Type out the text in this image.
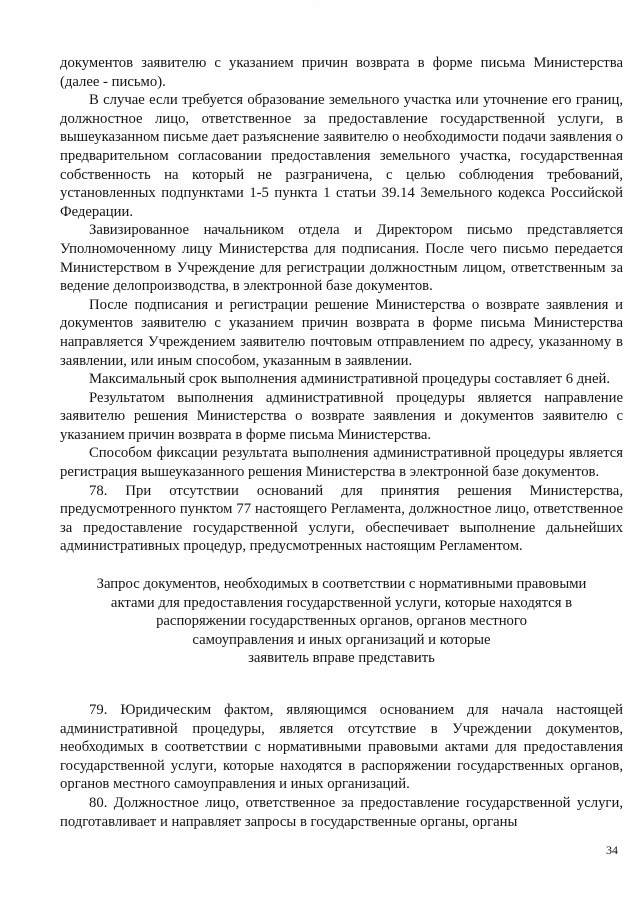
документов заявителю с указанием причин возврата в форме письма Министерства (далее - письмо).

В случае если требуется образование земельного участка или уточнение его границ, должностное лицо, ответственное за предоставление государственной услуги, в вышеуказанном письме дает разъяснение заявителю о необходимости подачи заявления о предварительном согласовании предоставления земельного участка, государственная собственность на который не разграничена, с целью соблюдения требований, установленных подпунктами 1-5 пункта 1 статьи 39.14 Земельного кодекса Российской Федерации.

Завизированное начальником отдела и Директором письмо представляется Уполномоченному лицу Министерства для подписания. После чего письмо передается Министерством в Учреждение для регистрации должностным лицом, ответственным за ведение делопроизводства, в электронной базе документов.

После подписания и регистрации решение Министерства о возврате заявления и документов заявителю с указанием причин возврата в форме письма Министерства направляется Учреждением заявителю почтовым отправлением по адресу, указанному в заявлении, или иным способом, указанным в заявлении.

Максимальный срок выполнения административной процедуры составляет 6 дней.

Результатом выполнения административной процедуры является направление заявителю решения Министерства о возврате заявления и документов заявителю с указанием причин возврата в форме письма Министерства.

Способом фиксации результата выполнения административной процедуры является регистрация вышеуказанного решения Министерства в электронной базе документов.

78. При отсутствии оснований для принятия решения Министерства, предусмотренного пунктом 77 настоящего Регламента, должностное лицо, ответственное за предоставление государственной услуги, обеспечивает выполнение дальнейших административных процедур, предусмотренных настоящим Регламентом.

Запрос документов, необходимых в соответствии с нормативными правовыми
актами для предоставления государственной услуги, которые находятся в
распоряжении государственных органов, органов местного
самоуправления и иных организаций и которые
заявитель вправе представить

79. Юридическим фактом, являющимся основанием для начала настоящей административной процедуры, является отсутствие в Учреждении документов, необходимых в соответствии с нормативными правовыми актами для предоставления государственной услуги, которые находятся в распоряжении государственных органов, органов местного самоуправления и иных организаций.

80. Должностное лицо, ответственное за предоставление государственной услуги, подготавливает и направляет запросы в государственные органы, органы

34
